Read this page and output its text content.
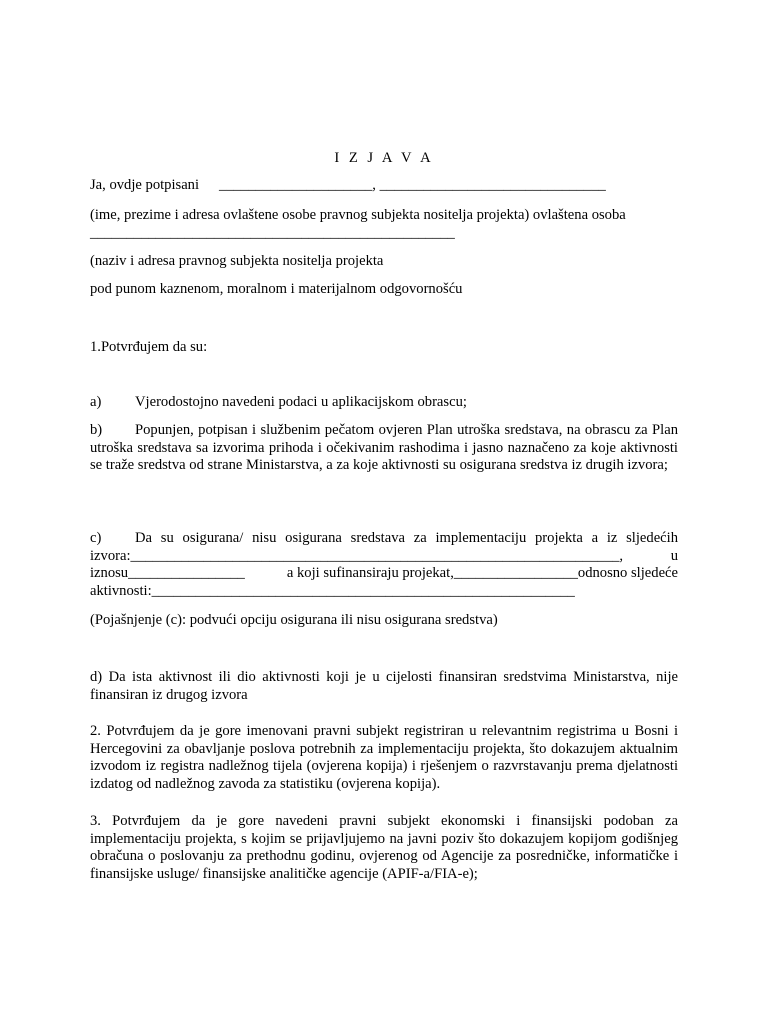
I Z J A V A
Ja, ovdje potpisani _____________________, _______________________________
(ime, prezime i adresa ovlaštene osobe pravnog subjekta nositelja projekta) ovlaštena osoba
__________________________________________________
(naziv i adresa pravnog subjekta nositelja projekta
pod punom kaznenom, moralnom i materijalnom odgovornošću
1.Potvrđujem da su:
a) Vjerodostojno navedeni podaci u aplikacijskom obrascu;
b) Popunjen, potpisan i službenim pečatom ovjeren Plan utroška sredstava, na obrascu za Plan utroška sredstava sa izvorima prihoda i očekivanim rashodima i jasno naznačeno za koje aktivnosti se traže sredstva od strane Ministarstva, a za koje aktivnosti su osigurana sredstva iz drugih izvora;
c) Da su osigurana/ nisu osigurana sredstava za implementaciju projekta a iz sljedećih
izvora:___________________________________________________________________,	u
iznosu________________	a koji sufinansiraju projekat,_________________odnosno sljedeće
aktivnosti:__________________________________________________________
(Pojašnjenje (c): podvući opciju osigurana ili nisu osigurana sredstva)
d) Da ista aktivnost ili dio aktivnosti koji je u cijelosti finansiran sredstvima Ministarstva, nije finansiran iz drugog izvora
2. Potvrđujem da je gore imenovani pravni subjekt registriran u relevantnim registrima u Bosni i Hercegovini za obavljanje poslova potrebnih za implementaciju projekta, što dokazujem aktualnim izvodom iz registra nadležnog tijela (ovjerena kopija) i rješenjem o razvrstavanju prema djelatnosti izdatog od nadležnog zavoda za statistiku (ovjerena kopija).
3. Potvrđujem da je gore navedeni pravni subjekt ekonomski i finansijski podoban za implementaciju projekta, s kojim se prijavljujemo na javni poziv što dokazujem kopijom godišnjeg obračuna o poslovanju za prethodnu godinu, ovjerenog od Agencije za posredničke, informatičke i finansijske usluge/ finansijske analitičke agencije (APIF-a/FIA-e);
